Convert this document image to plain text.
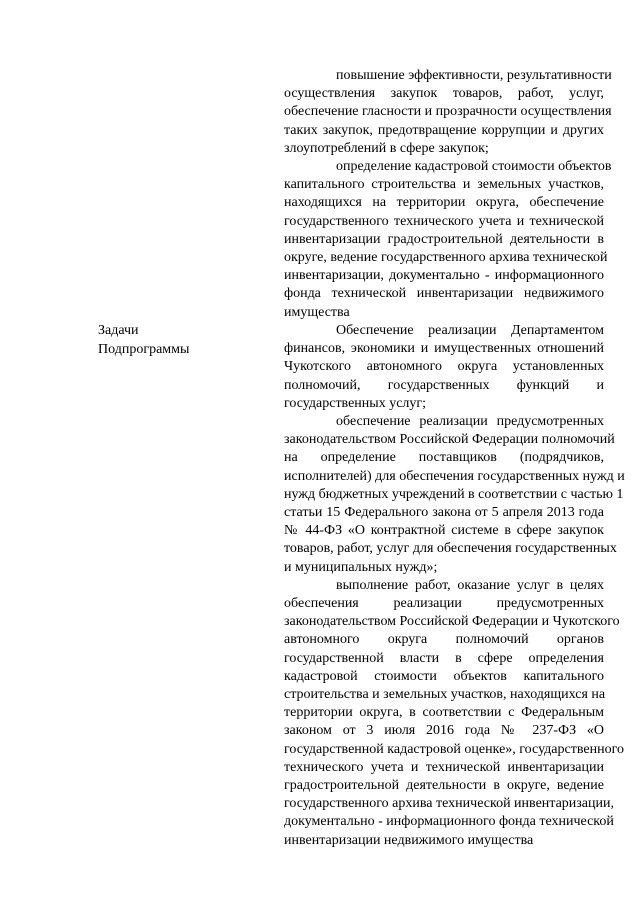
повышение эффективности, результативности
осуществления закупок товаров, работ, услуг,
обеспечение гласности и прозрачности осуществления
таких закупок, предотвращение коррупции и других
злоупотреблений в сфере закупок;
определение кадастровой стоимости объектов
капитального строительства и земельных участков,
находящихся на территории округа, обеспечение
государственного технического учета и технической
инвентаризации градостроительной деятельности в
округе, ведение государственного архива технической
инвентаризации, документально - информационного
фонда технической инвентаризации недвижимого
имущества
Задачи
Подпрограммы
Обеспечение реализации Департаментом
финансов, экономики и имущественных отношений
Чукотского автономного округа установленных
полномочий, государственных функций и
государственных услуг;
обеспечение реализации предусмотренных
законодательством Российской Федерации полномочий
на определение поставщиков (подрядчиков,
исполнителей) для обеспечения государственных нужд и
нужд бюджетных учреждений в соответствии с частью 1
статьи 15 Федерального закона от 5 апреля 2013 года
№ 44-ФЗ «О контрактной системе в сфере закупок
товаров, работ, услуг для обеспечения государственных
и муниципальных нужд»;
выполнение работ, оказание услуг в целях
обеспечения реализации предусмотренных
законодательством Российской Федерации и Чукотского
автономного округа полномочий органов
государственной власти в сфере определения
кадастровой стоимости объектов капитального
строительства и земельных участков, находящихся на
территории округа, в соответствии с Федеральным
законом от 3 июля 2016 года № 237-ФЗ «О
государственной кадастровой оценке», государственного
технического учета и технической инвентаризации
градостроительной деятельности в округе, ведение
государственного архива технической инвентаризации,
документально - информационного фонда технической
инвентаризации недвижимого имущества
